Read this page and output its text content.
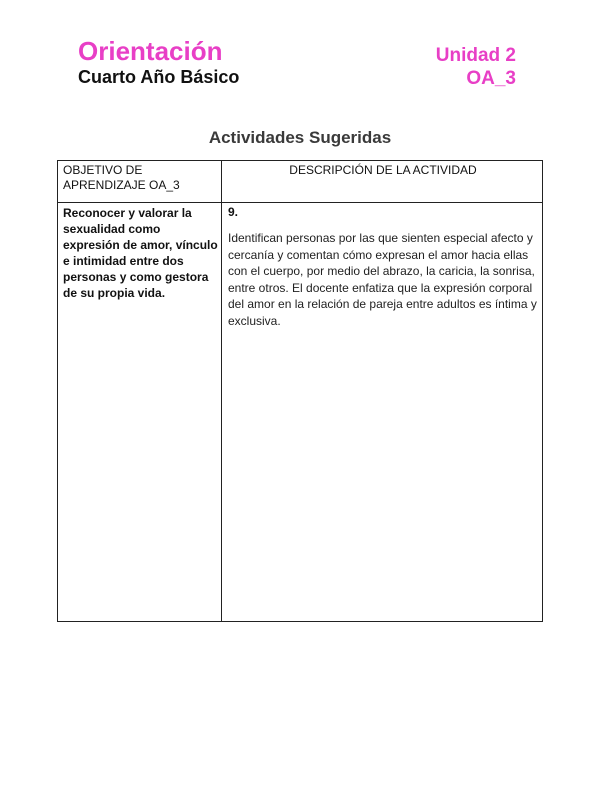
Orientación
Cuarto Año Básico
Unidad 2
OA_3
Actividades Sugeridas
OBJETIVO DE APRENDIZAJE OA_3
DESCRIPCIÓN DE LA ACTIVIDAD
Reconocer y valorar la sexualidad como expresión de amor, vínculo e intimidad entre dos personas y como gestora de su propia vida.
9.
Identifican personas por las que sienten especial afecto y cercanía y comentan cómo expresan el amor hacia ellas con el cuerpo, por medio del abrazo, la caricia, la sonrisa, entre otros. El docente enfatiza que la expresión corporal del amor en la relación de pareja entre adultos es íntima y exclusiva.
